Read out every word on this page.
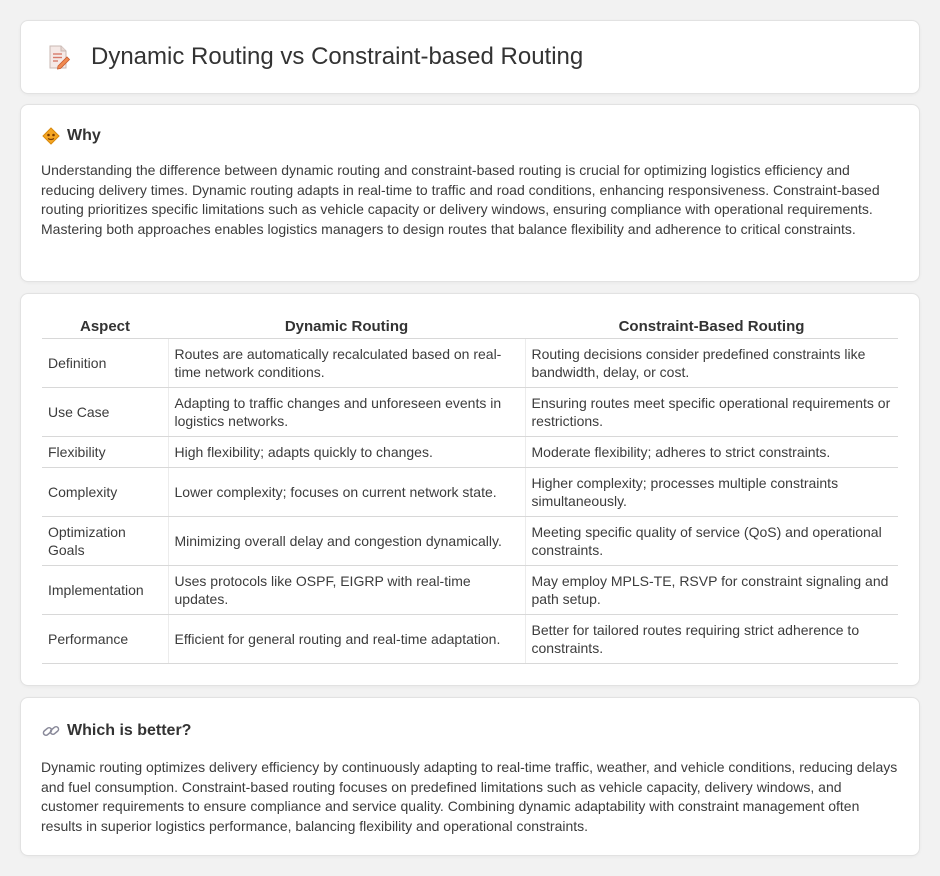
Dynamic Routing vs Constraint-based Routing
Why

Understanding the difference between dynamic routing and constraint-based routing is crucial for optimizing logistics efficiency and reducing delivery times. Dynamic routing adapts in real-time to traffic and road conditions, enhancing responsiveness. Constraint-based routing prioritizes specific limitations such as vehicle capacity or delivery windows, ensuring compliance with operational requirements. Mastering both approaches enables logistics managers to design routes that balance flexibility and adherence to critical constraints.

Aspect	Dynamic Routing	Constraint-Based Routing
Definition	Routes are automatically recalculated based on real-time network conditions.	Routing decisions consider predefined constraints like bandwidth, delay, or cost.
Use Case	Adapting to traffic changes and unforeseen events in logistics networks.	Ensuring routes meet specific operational requirements or restrictions.
Flexibility	High flexibility; adapts quickly to changes.	Moderate flexibility; adheres to strict constraints.
Complexity	Lower complexity; focuses on current network state.	Higher complexity; processes multiple constraints simultaneously.
Optimization Goals	Minimizing overall delay and congestion dynamically.	Meeting specific quality of service (QoS) and operational constraints.
Implementation	Uses protocols like OSPF, EIGRP with real-time updates.	May employ MPLS-TE, RSVP for constraint signaling and path setup.
Performance	Efficient for general routing and real-time adaptation.	Better for tailored routes requiring strict adherence to constraints.
Which is better?

Dynamic routing optimizes delivery efficiency by continuously adapting to real-time traffic, weather, and vehicle conditions, reducing delays and fuel consumption. Constraint-based routing focuses on predefined limitations such as vehicle capacity, delivery windows, and customer requirements to ensure compliance and service quality. Combining dynamic adaptability with constraint management often results in superior logistics performance, balancing flexibility and operational constraints.
